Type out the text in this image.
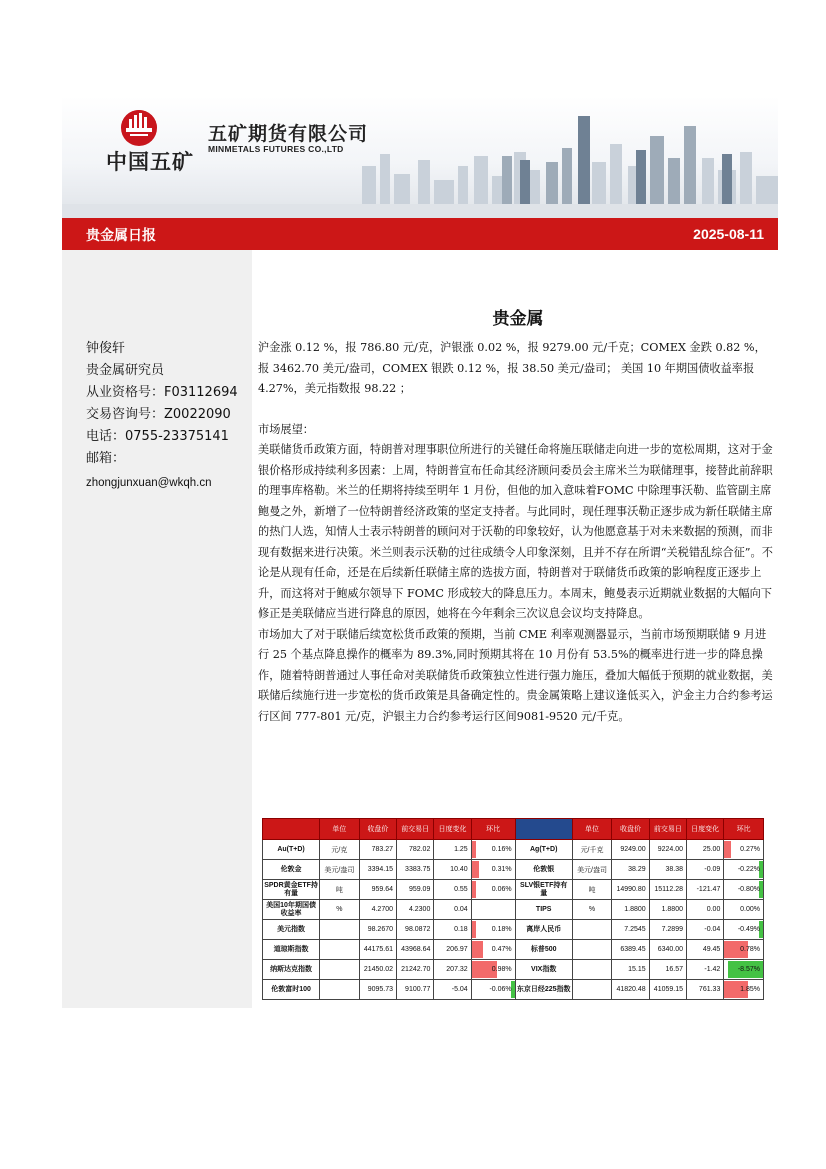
中国五矿
五矿期货有限公司
MINMETALS FUTURES CO.,LTD
贵金属日报	2025-08-11
钟俊轩
贵金属研究员
从业资格号：F03112694
交易咨询号：Z0022090
电话：0755-23375141
邮箱：
zhongjunxuan@wkqh.cn
贵金属

沪金涨 0.12 %，报 786.80 元/克，沪银涨 0.02 %，报 9279.00 元/千克；COMEX 金跌 0.82 %，报 3462.70 美元/盎司，COMEX 银跌 0.12 %，报 38.50 美元/盎司； 美国 10 年期国债收益率报 4.27%，美元指数报 98.22 ；

市场展望：

美联储货币政策方面，特朗普对理事职位所进行的关键任命将施压联储走向进一步的宽松周期，这对于金银价格形成持续利多因素：上周，特朗普宣布任命其经济顾问委员会主席米兰为联储理事，接替此前辞职的理事库格勒。米兰的任期将持续至明年 1 月份，但他的加入意味着FOMC 中除理事沃勒、监管副主席鲍曼之外，新增了一位特朗普经济政策的坚定支持者。与此同时，现任理事沃勒正逐步成为新任联储主席的热门人选，知情人士表示特朗普的顾问对于沃勒的印象较好，认为他愿意基于对未来数据的预测，而非现有数据来进行决策。米兰则表示沃勒的过往成绩令人印象深刻，且并不存在所谓“关税错乱综合征”。不论是从现有任命，还是在后续新任联储主席的选拔方面，特朗普对于联储货币政策的影响程度正逐步上升，而这将对于鲍威尔领导下 FOMC 形成较大的降息压力。本周末，鲍曼表示近期就业数据的大幅向下修正是美联储应当进行降息的原因，她将在今年剩余三次议息会议均支持降息。

市场加大了对于联储后续宽松货币政策的预期，当前 CME 利率观测器显示，当前市场预期联储 9 月进行 25 个基点降息操作的概率为 89.3%,同时预期其将在 10 月份有 53.5%的概率进行进一步的降息操作，随着特朗普通过人事任命对美联储货币政策独立性进行强力施压，叠加大幅低于预期的就业数据，美联储后续施行进一步宽松的货币政策是具备确定性的。贵金属策略上建议逢低买入，沪金主力合约参考运行区间 777-801 元/克，沪银主力合约参考运行区间9081-9520 元/千克。

	单位	收盘价	前交易日	日度变化	环比		单位	收盘价	前交易日	日度变化	环比
Au(T+D)	元/克	783.27	782.02	1.25	0.16%	Ag(T+D)	元/千克	9249.00	9224.00	25.00	0.27%
伦敦金	美元/盎司	3394.15	3383.75	10.40	0.31%	伦敦银	美元/盎司	38.29	38.38	-0.09	-0.22%
SPDR黄金ETF持有量	吨	959.64	959.09	0.55	0.06%	SLV银ETF持有量	吨	14990.80	15112.28	-121.47	-0.80%
美国10年期国债收益率	%	4.2700	4.2300	0.04		TIPS	%	1.8800	1.8800	0.00	0.00%
美元指数		98.2670	98.0872	0.18	0.18%	离岸人民币		7.2545	7.2899	-0.04	-0.49%
道琼斯指数		44175.61	43968.64	206.97	0.47%	标普500		6389.45	6340.00	49.45	0.78%
纳斯达克指数		21450.02	21242.70	207.32	0.98%	VIX指数		15.15	16.57	-1.42	-8.57%
伦敦富时100		9095.73	9100.77	-5.04	-0.06%	东京日经225指数		41820.48	41059.15	761.33	1.85%
